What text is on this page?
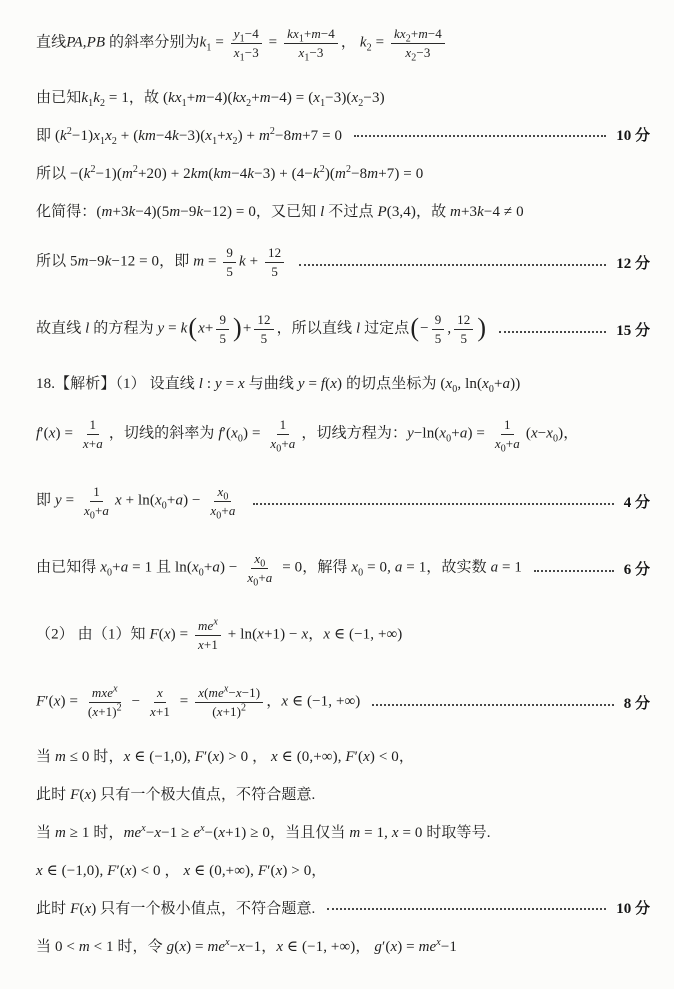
直线PA,PB 的斜率分别为$k_1 = \frac{y_1-4}{x_1-3} = \frac{kx_1+m-4}{x_1-3}$ ， $k_2 = \frac{kx_2+m-4}{x_2-3}$
由已知$k_1k_2 = 1$，故 $(kx_1+m-4)(kx_2+m-4) = (x_1-3)(x_2-3)$
即 $(k^2-1)x_1x_2 + (km-4k-3)(x_1+x_2) + m^2-8m+7 = 0$	10 分
所以 $-(k^2-1)(m^2+20) + 2km(km-4k-3) + (4-k^2)(m^2-8m+7) = 0$
化简得：(m+3k−4)(5m−9k−12) = 0，又已知 l 不过点 P(3,4)，故 m+3k−4 ≠ 0
所以 5m−9k−12 = 0，即 $m = \frac{9}{5}$ $k + \frac{12}{5}$	12 分
故直线 l 的方程为 $y = k(x+ \frac{9}{5}$ )+ $\frac{12}{5}$ ，所以直线 l 过定点(− $\frac{9}{5}$ , $\frac{12}{5}$ )	15 分
18.【解析】（1） 设直线 l : y = x 与曲线 y = f(x) 的切点坐标为 ($x_0$, $\ln(x_0+a)$)
$f'(x) = \frac{1}{x+a}$ ，切线的斜率为 $f'(x_0) = \frac{1}{x_0+a}$ ，切线方程为：$y-\ln(x_0+a) = \frac{1}{x_0+a} (x-x_0)$，
即 $y = \frac{1}{x_0+a}$ $x + \ln(x_0+a) - \frac{x_0}{x_0+a}$	4 分
由已知得 $x_0+a = 1$ 且 $\ln(x_0+a) - \frac{x_0}{x_0+a} = 0$，解得 $x_0 = 0$, a = 1，故实数 a = 1	6 分
（2） 由（1）知 $F(x) = \frac{me^x}{x+1} + \ln(x+1) - x$，x ∈ (−1, +∞)
$F'(x) = \frac{mxe^x}{(x+1)^2} - \frac{x}{x+1} = \frac{x(me^x-x-1)}{(x+1)^2}$ ，x ∈ (−1, +∞)	8 分
当 m ≤ 0 时，x ∈ (−1,0), F′(x) > 0 ， x ∈ (0,+∞), F′(x) < 0，
此时 F(x) 只有一个极大值点，不符合题意.
当 m ≥ 1 时，$me^x-x-1 \ge e^x-(x+1) \ge 0$，当且仅当 m = 1, x = 0 时取等号.
x ∈ (−1,0), F′(x) < 0 ， x ∈ (0,+∞), F′(x) > 0，
此时 F(x) 只有一个极小值点，不符合题意.	10 分
当 0 < m < 1 时，令 $g(x) = me^x-x-1$，x ∈ (−1, +∞)， $g'(x) = me^x-1$
